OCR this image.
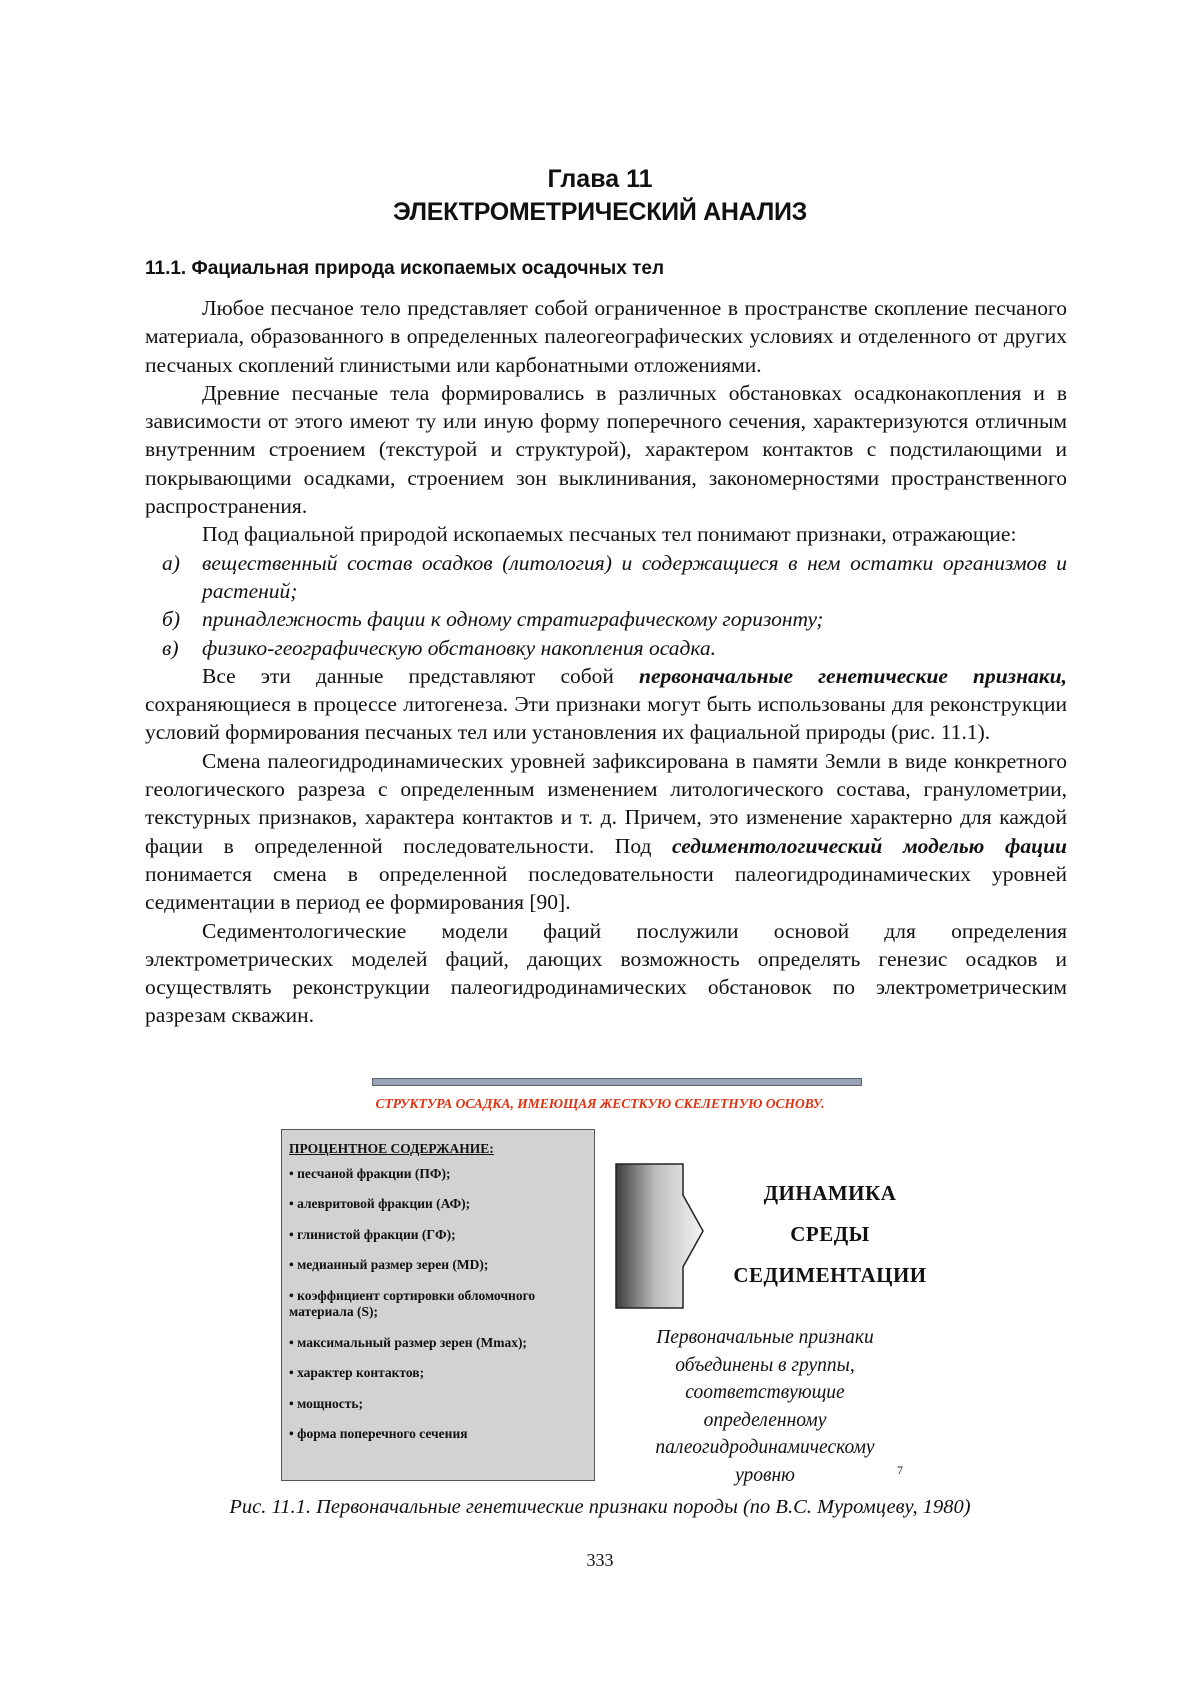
Глава 11
ЭЛЕКТРОМЕТРИЧЕСКИЙ АНАЛИЗ
11.1. Фациальная природа ископаемых осадочных тел

Любое песчаное тело представляет собой ограниченное в пространстве скопление песчаного материала, образованного в определенных палеогеографических условиях и отделенного от других песчаных скоплений глинистыми или карбонатными отложениями.

Древние песчаные тела формировались в различных обстановках осадконакопления и в зависимости от этого имеют ту или иную форму поперечного сечения, характеризуются отличным внутренним строением (текстурой и структурой), характером контактов с подстилающими и покрывающими осадками, строением зон выклинивания, закономерностями пространственного распространения.

Под фациальной природой ископаемых песчаных тел понимают признаки, отражающие:

а)	вещественный состав осадков (литология) и содержащиеся в нем остатки организмов и растений;
б)	принадлежность фации к одному стратиграфическому горизонту;
в)	физико-географическую обстановку накопления осадка.

Все эти данные представляют собой первоначальные генетические признаки, сохраняющиеся в процессе литогенеза. Эти признаки могут быть использованы для реконструкции условий формирования песчаных тел или установления их фациальной природы (рис. 11.1).

Смена палеогидродинамических уровней зафиксирована в памяти Земли в виде конкретного геологического разреза с определенным изменением литологического состава, гранулометрии, текстурных признаков, характера контактов и т. д. Причем, это изменение характерно для каждой фации в определенной последовательности. Под седиментологический моделью фации понимается смена в определенной последовательности палеогидродинамических уровней седиментации в период ее формирования [90].

Седиментологические модели фаций послужили основой для определения электрометрических моделей фаций, дающих возможность определять генезис осадков и осуществлять реконструкции палеогидродинамических обстановок по электрометрическим разрезам скважин.

СТРУКТУРА ОСАДКА, ИМЕЮЩАЯ ЖЕСТКУЮ СКЕЛЕТНУЮ ОСНОВУ.
ПРОЦЕНТНОЕ СОДЕРЖАНИЕ:
• песчаной фракции (ПФ);
• алевритовой фракции (АФ);
• глинистой фракции (ГФ);
• медианный размер зерен (MD);
• коэффициент сортировки обломочного материала (S);
• максимальный размер зерен (Mmax);
• характер контактов;
• мощность;
• форма поперечного сечения
ДИНАМИКА
СРЕДЫ
СЕДИМЕНТАЦИИ
Первоначальные признаки
объединены в группы,
соответствующие
определенному
палеогидродинамическому
уровню	7
Рис. 11.1. Первоначальные генетические признаки породы (по В.С. Муромцеву, 1980)
333
